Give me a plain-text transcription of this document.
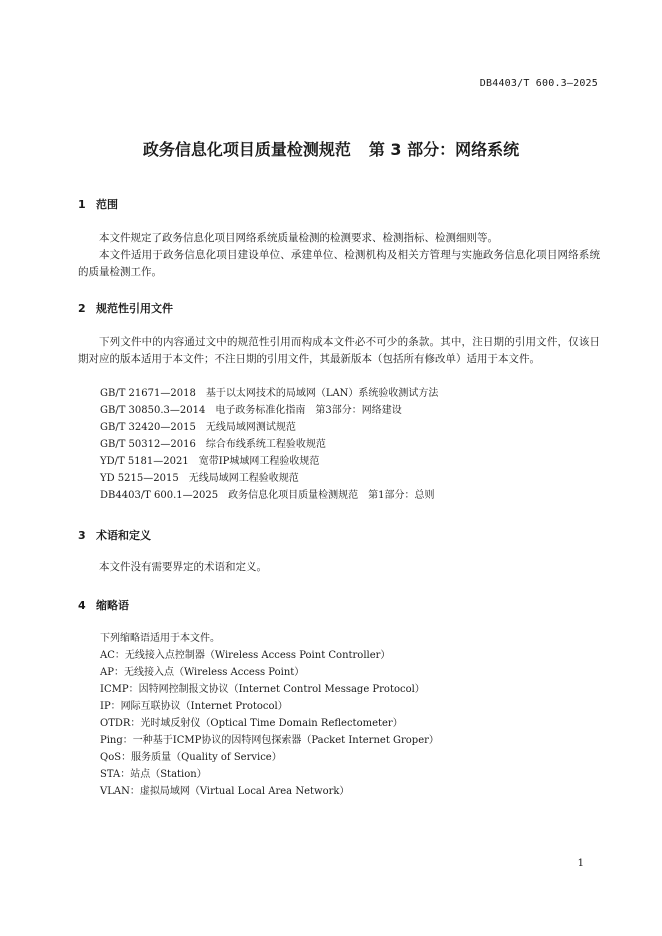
DB4403/T 600.3—2025
政务信息化项目质量检测规范 第 3 部分：网络系统
1 范围

本文件规定了政务信息化项目网络系统质量检测的检测要求、检测指标、检测细则等。

本文件适用于政务信息化项目建设单位、承建单位、检测机构及相关方管理与实施政务信息化项目网络系统的质量检测工作。

2 规范性引用文件

下列文件中的内容通过文中的规范性引用而构成本文件必不可少的条款。其中，注日期的引用文件，仅该日期对应的版本适用于本文件；不注日期的引用文件，其最新版本（包括所有修改单）适用于本文件。

GB/T 21671—2018　基于以太网技术的局域网（LAN）系统验收测试方法
GB/T 30850.3—2014　电子政务标准化指南　第3部分：网络建设
GB/T 32420—2015　无线局域网测试规范
GB/T 50312—2016　综合布线系统工程验收规范
YD/T 5181—2021　宽带IP城域网工程验收规范
YD 5215—2015　无线局域网工程验收规范
DB4403/T 600.1—2025　政务信息化项目质量检测规范　第1部分：总则
3 术语和定义

本文件没有需要界定的术语和定义。

4 缩略语
下列缩略语适用于本文件。
AC：无线接入点控制器（Wireless Access Point Controller）
AP：无线接入点（Wireless Access Point）
ICMP：因特网控制报文协议（Internet Control Message Protocol）
IP：网际互联协议（Internet Protocol）
OTDR：光时域反射仪（Optical Time Domain Reflectometer）
Ping：一种基于ICMP协议的因特网包探索器（Packet Internet Groper）
QoS：服务质量（Quality of Service）
STA：站点（Station）
VLAN：虚拟局域网（Virtual Local Area Network）
1
